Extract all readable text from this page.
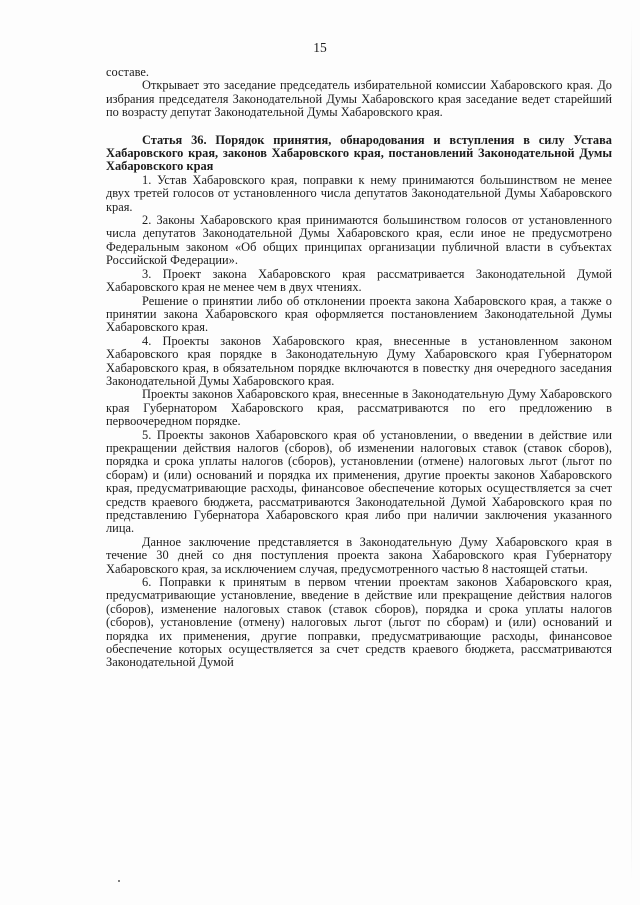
15

составе.

Открывает это заседание председатель избирательной комиссии Хабаровского края. До избрания председателя Законодательной Думы Хабаровского края заседание ведет старейший по возрасту депутат Законодательной Думы Хабаровского края.

Статья 36. Порядок принятия, обнародования и вступления в силу Устава Хабаровского края, законов Хабаровского края, постановлений Законодательной Думы Хабаровского края

1. Устав Хабаровского края, поправки к нему принимаются большинством не менее двух третей голосов от установленного числа депутатов Законодательной Думы Хабаровского края.

2. Законы Хабаровского края принимаются большинством голосов от установленного числа депутатов Законодательной Думы Хабаровского края, если иное не предусмотрено Федеральным законом «Об общих принципах организации публичной власти в субъектах Российской Федерации».

3. Проект закона Хабаровского края рассматривается Законодательной Думой Хабаровского края не менее чем в двух чтениях.

Решение о принятии либо об отклонении проекта закона Хабаровского края, а также о принятии закона Хабаровского края оформляется постановлением Законодательной Думы Хабаровского края.

4. Проекты законов Хабаровского края, внесенные в установленном законом Хабаровского края порядке в Законодательную Думу Хабаровского края Губернатором Хабаровского края, в обязательном порядке включаются в повестку дня очередного заседания Законодательной Думы Хабаровского края.

Проекты законов Хабаровского края, внесенные в Законодательную Думу Хабаровского края Губернатором Хабаровского края, рассматриваются по его предложению в первоочередном порядке.

5. Проекты законов Хабаровского края об установлении, о введении в действие или прекращении действия налогов (сборов), об изменении налоговых ставок (ставок сборов), порядка и срока уплаты налогов (сборов), установлении (отмене) налоговых льгот (льгот по сборам) и (или) оснований и порядка их применения, другие проекты законов Хабаровского края, предусматривающие расходы, финансовое обеспечение которых осуществляется за счет средств краевого бюджета, рассматриваются Законодательной Думой Хабаровского края по представлению Губернатора Хабаровского края либо при наличии заключения указанного лица.

Данное заключение представляется в Законодательную Думу Хабаровского края в течение 30 дней со дня поступления проекта закона Хабаровского края Губернатору Хабаровского края, за исключением случая, предусмотренного частью 8 настоящей статьи.

6. Поправки к принятым в первом чтении проектам законов Хабаровского края, предусматривающие установление, введение в действие или прекращение действия налогов (сборов), изменение налоговых ставок (ставок сборов), порядка и срока уплаты налогов (сборов), установление (отмену) налоговых льгот (льгот по сборам) и (или) оснований и порядка их применения, другие поправки, предусматривающие расходы, финансовое обеспечение которых осуществляется за счет средств краевого бюджета, рассматриваются Законодательной Думой
